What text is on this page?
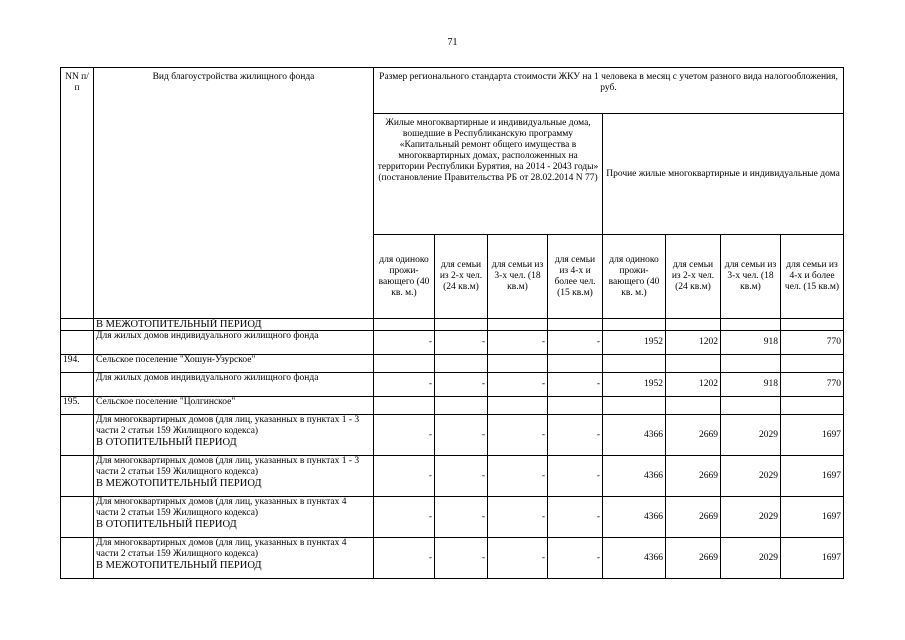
71
NN п/п	Вид благоустройства жилищного фонда	Размер регионального стандарта стоимости ЖКУ на 1 человека в месяц с учетом разного вида налогообложения, руб.							
		Жилые многоквартирные и индивидуальные дома, вошедшие в Республиканскую программу «Капитальный ремонт общего имущества в многоквартирных домах, расположенных на территории Республики Бурятия, на 2014 - 2043 годы» (постановление Правительства РБ от 28.02.2014 N 77)				Прочие жилые многоквартирные и индивидуальные дома			
		для одиноко прожи-вающего (40 кв. м.)	для семьи из 2-х чел. (24 кв.м)	для семьи из 3-х чел. (18 кв.м)	для семьи из 4-х и более чел. (15 кв.м)	для одиноко прожи-вающего (40 кв. м.)	для семьи из 2-х чел. (24 кв.м)	для семьи из 3-х чел. (18 кв.м)	для семьи из 4-х и более чел. (15 кв.м)

	В МЕЖОТОПИТЕЛЬНЫЙ ПЕРИОД								

	Для жилых домов индивидуального жилищного фонда	-	-	-	-	1952	1202	918	770
194.	Сельское поселение "Хошун-Узурское"								

	Для жилых домов индивидуального жилищного фонда	-	-	-	-	1952	1202	918	770
195.	Сельское поселение "Цолгинское"								

	Для многоквартирных домов (для лиц, указанных в пунктах 1 - 3 части 2 статьи 159 Жилищного кодекса)
В ОТОПИТЕЛЬНЫЙ ПЕРИОД	-	-	-	-	4366	2669	2029	1697

	Для многоквартирных домов (для лиц, указанных в пунктах 1 - 3 части 2 статьи 159 Жилищного кодекса)
В МЕЖОТОПИТЕЛЬНЫЙ ПЕРИОД	-	-	-	-	4366	2669	2029	1697

	Для многоквартирных домов (для лиц, указанных в пунктах 4 части 2 статьи 159 Жилищного кодекса)
В ОТОПИТЕЛЬНЫЙ ПЕРИОД	-	-	-	-	4366	2669	2029	1697

	Для многоквартирных домов (для лиц, указанных в пунктах 4 части 2 статьи 159 Жилищного кодекса)
В МЕЖОТОПИТЕЛЬНЫЙ ПЕРИОД	-	-	-	-	4366	2669	2029	1697
